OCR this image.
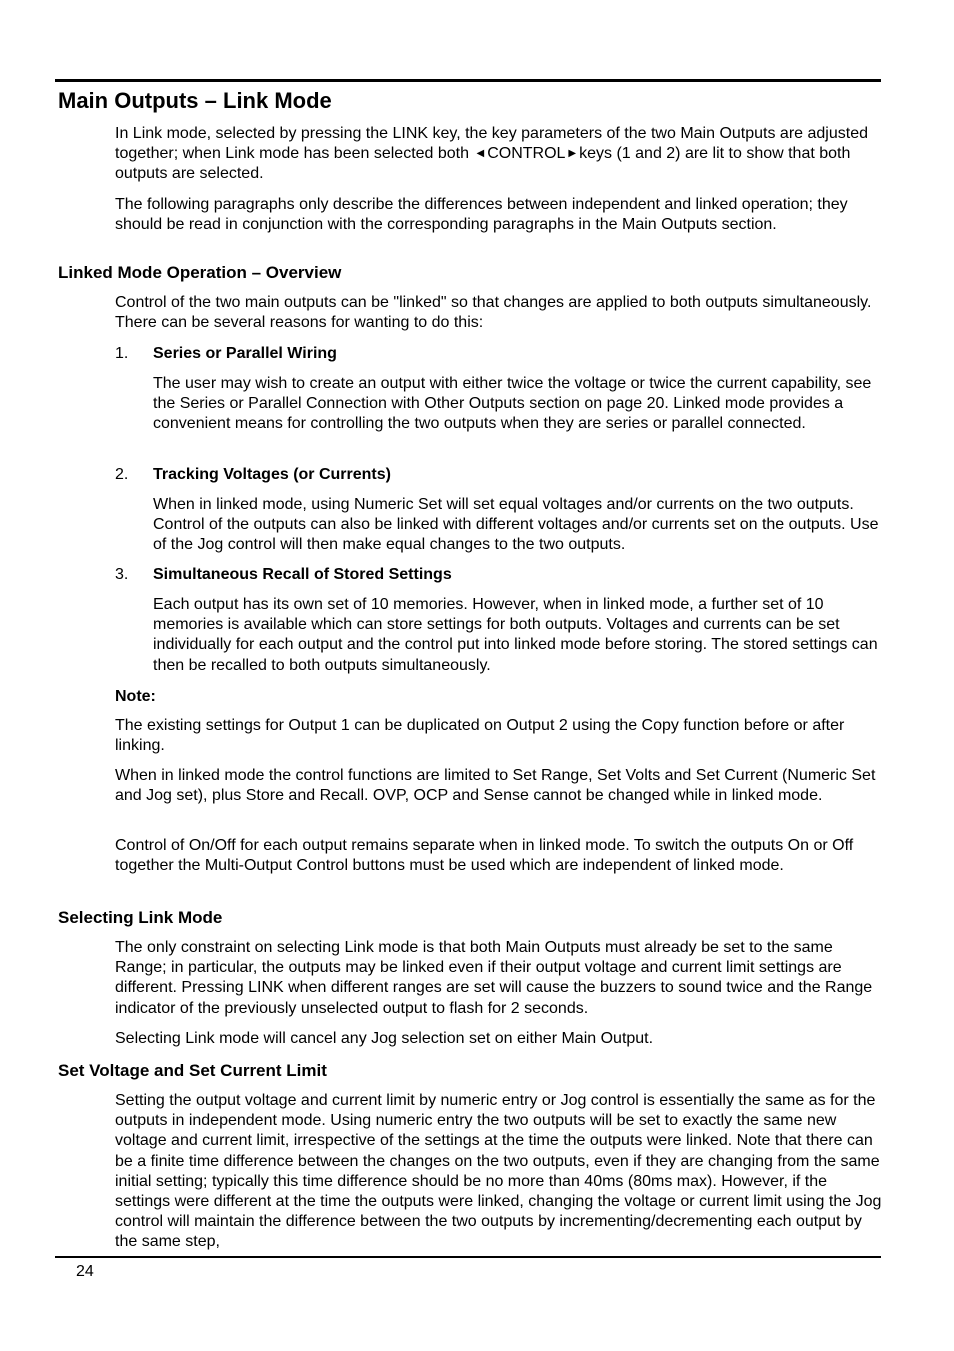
Main Outputs – Link Mode

In Link mode, selected by pressing the LINK key, the key parameters of the two Main Outputs are adjusted together; when Link mode has been selected both ◀ CONTROL ▶ keys (1 and 2) are lit to show that both outputs are selected.

The following paragraphs only describe the differences between independent and linked operation; they should be read in conjunction with the corresponding paragraphs in the Main Outputs section.

Linked Mode Operation – Overview

Control of the two main outputs can be "linked" so that changes are applied to both outputs simultaneously. There can be several reasons for wanting to do this:

1. Series or Parallel Wiring

The user may wish to create an output with either twice the voltage or twice the current capability, see the Series or Parallel Connection with Other Outputs section on page 20. Linked mode provides a convenient means for controlling the two outputs when they are series or parallel connected.

2. Tracking Voltages (or Currents)

When in linked mode, using Numeric Set will set equal voltages and/or currents on the two outputs. Control of the outputs can also be linked with different voltages and/or currents set on the outputs. Use of the Jog control will then make equal changes to the two outputs.

3. Simultaneous Recall of Stored Settings

Each output has its own set of 10 memories. However, when in linked mode, a further set of 10 memories is available which can store settings for both outputs. Voltages and currents can be set individually for each output and the control put into linked mode before storing. The stored settings can then be recalled to both outputs simultaneously.

Note:

The existing settings for Output 1 can be duplicated on Output 2 using the Copy function before or after linking.

When in linked mode the control functions are limited to Set Range, Set Volts and Set Current (Numeric Set and Jog set), plus Store and Recall. OVP, OCP and Sense cannot be changed while in linked mode.

Control of On/Off for each output remains separate when in linked mode. To switch the outputs On or Off together the Multi-Output Control buttons must be used which are independent of linked mode.

Selecting Link Mode

The only constraint on selecting Link mode is that both Main Outputs must already be set to the same Range; in particular, the outputs may be linked even if their output voltage and current limit settings are different. Pressing LINK when different ranges are set will cause the buzzers to sound twice and the Range indicator of the previously unselected output to flash for 2 seconds.

Selecting Link mode will cancel any Jog selection set on either Main Output.

Set Voltage and Set Current Limit

Setting the output voltage and current limit by numeric entry or Jog control is essentially the same as for the outputs in independent mode. Using numeric entry the two outputs will be set to exactly the same new voltage and current limit, irrespective of the settings at the time the outputs were linked. Note that there can be a finite time difference between the changes on the two outputs, even if they are changing from the same initial setting; typically this time difference should be no more than 40ms (80ms max). However, if the settings were different at the time the outputs were linked, changing the voltage or current limit using the Jog control will maintain the difference between the two outputs by incrementing/decrementing each output by the same step,

24
